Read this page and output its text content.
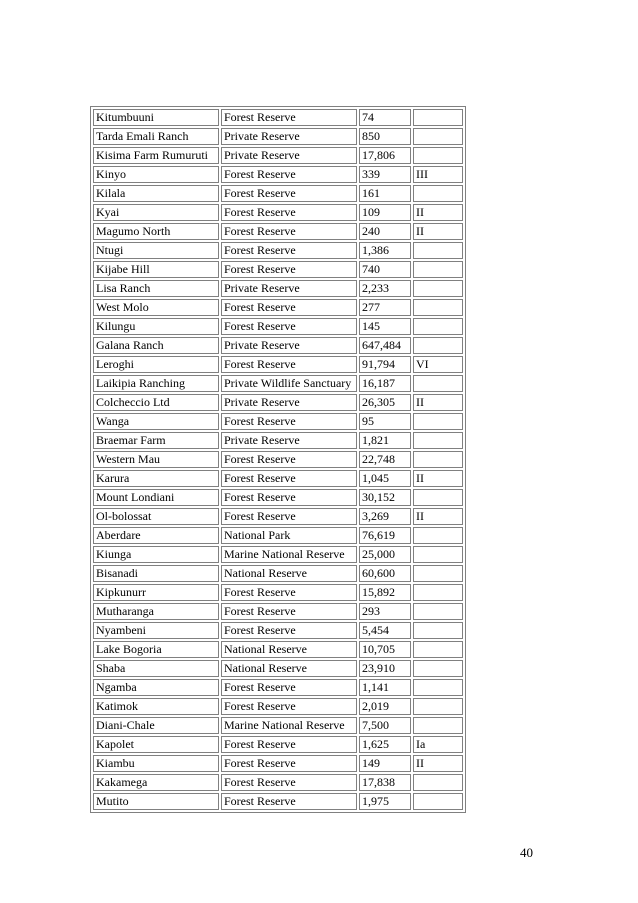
Kitumbuuni	Forest Reserve	74	
Tarda Emali Ranch	Private Reserve	850	
Kisima Farm Rumuruti	Private Reserve	17,806	
Kinyo	Forest Reserve	339	III
Kilala	Forest Reserve	161	
Kyai	Forest Reserve	109	II
Magumo North	Forest Reserve	240	II
Ntugi	Forest Reserve	1,386	
Kijabe Hill	Forest Reserve	740	
Lisa Ranch	Private Reserve	2,233	
West Molo	Forest Reserve	277	
Kilungu	Forest Reserve	145	
Galana Ranch	Private Reserve	647,484	
Leroghi	Forest Reserve	91,794	VI
Laikipia Ranching	Private Wildlife Sanctuary	16,187	
Colcheccio Ltd	Private Reserve	26,305	II
Wanga	Forest Reserve	95	
Braemar Farm	Private Reserve	1,821	
Western Mau	Forest Reserve	22,748	
Karura	Forest Reserve	1,045	II
Mount Londiani	Forest Reserve	30,152	
Ol-bolossat	Forest Reserve	3,269	II
Aberdare	National Park	76,619	
Kiunga	Marine National Reserve	25,000	
Bisanadi	National Reserve	60,600	
Kipkunurr	Forest Reserve	15,892	
Mutharanga	Forest Reserve	293	
Nyambeni	Forest Reserve	5,454	
Lake Bogoria	National Reserve	10,705	
Shaba	National Reserve	23,910	
Ngamba	Forest Reserve	1,141	
Katimok	Forest Reserve	2,019	
Diani-Chale	Marine National Reserve	7,500	
Kapolet	Forest Reserve	1,625	Ia
Kiambu	Forest Reserve	149	II
Kakamega	Forest Reserve	17,838	
Mutito	Forest Reserve	1,975	
40
